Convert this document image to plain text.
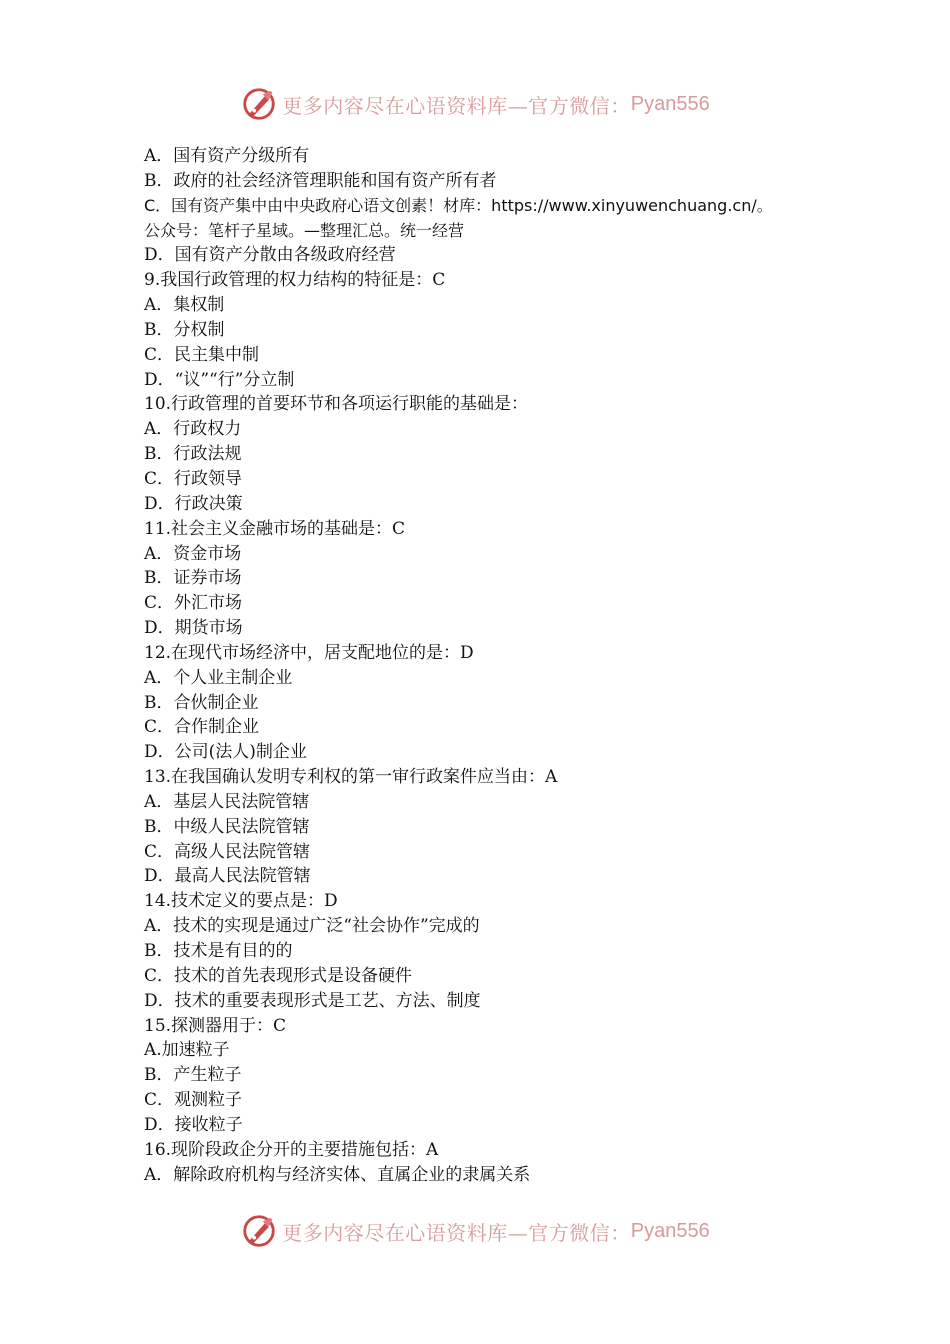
更多内容尽在心语资料库—官方微信： Pyan556
A．国有资产分级所有
B．政府的社会经济管理职能和国有资产所有者
C．国有资产集中由中央政府心语文创素！材库：https://www.xinyuwenchuang.cn/。
公众号：笔杆子星域。—整理汇总。统一经营
D．国有资产分散由各级政府经营
9.我国行政管理的权力结构的特征是：C
A．集权制
B．分权制
C．民主集中制
D．“议”“行”分立制
10.行政管理的首要环节和各项运行职能的基础是：
A．行政权力
B．行政法规
C．行政领导
D．行政决策
11.社会主义金融市场的基础是：C
A．资金市场
B．证券市场
C．外汇市场
D．期货市场
12.在现代市场经济中，居支配地位的是：D
A．个人业主制企业
B．合伙制企业
C．合作制企业
D．公司(法人)制企业
13.在我国确认发明专利权的第一审行政案件应当由：A
A．基层人民法院管辖
B．中级人民法院管辖
C．高级人民法院管辖
D．最高人民法院管辖
14.技术定义的要点是：D
A．技术的实现是通过广泛“社会协作”完成的
B．技术是有目的的
C．技术的首先表现形式是设备硬件
D．技术的重要表现形式是工艺、方法、制度
15.探测器用于：C
A.加速粒子
B．产生粒子
C．观测粒子
D．接收粒子
16.现阶段政企分开的主要措施包括：A
A．解除政府机构与经济实体、直属企业的隶属关系
更多内容尽在心语资料库—官方微信： Pyan556
